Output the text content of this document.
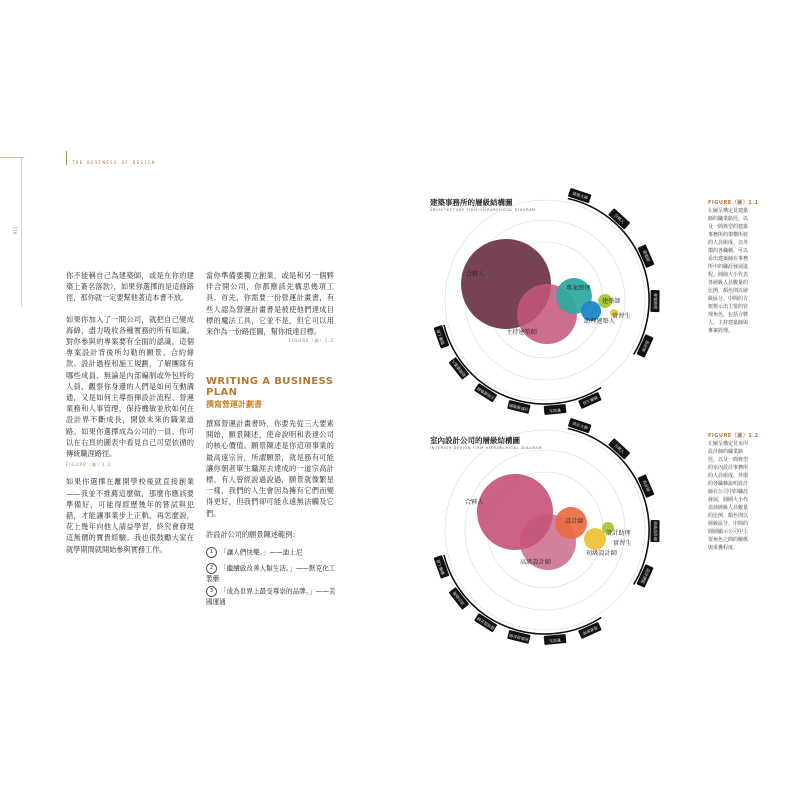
116
THE BUSINESS OF DESIGN

你不能稱自己為建築師，或是在你的建築上簽名落款），如果你選擇的是這條路徑，那你就一定要幫他著這本書不放。

如果你加入了一間公司，就把自己變成海綿，盡力吸收各種實務的所有知識。對你參與的專案要有全面的認識，這個專案設計背後所勾勒的願景、合約條款、設計過程和施工規劃，了解團隊有哪些成員、無論是內部編制或外包特約人員，觀察你身邊的人們是如何互動溝通，又是如何主導指揮設計流程、營運業務和人事管理，保持機敏並欣如何在設計界不斷成長，開啟未來的職業道路。如果你選擇成為公司的一員，你可以在右頁的圖表中看見自己可望依循的傳統職涯路徑。

FIGURE（圖）1.2

如果你選擇在離開學校後就直接創業——我並不推薦這麼做，那麼你應該要準備好，可能得經歷幾年的嘗試與犯錯，才能讓事業步上正軌。再怎麼說，花上幾年向他人請益學習，終究會發現這無價的寶貴經驗。我也很鼓勵大家在就學期間就開始參與實務工作。

當你準備要獨立創業，或是和另一個夥伴合開公司，你都應該先構思幾項工具。首先，你需要一份營運計畫書，有些人認為營運計畫書是被使他們達成目標的魔法工具，它並不是，但它可以用來作為一份路徑圖，幫你抵達目標。

FIGURE（圖）1.2
WRITING A BUSINESS
PLAN
撰寫營運計劃書

撰寫營運計畫書時，你要先從三大要素開始，願景陳述，使命說明和表達公司的核心價值。願景陳述是你這項事業的最高遠宗旨，所謂願景，就是務有可能讓你朝者單生職涯去達成的一道宗高計標。有人曾經說過說過，願景就像繁星一樣，我們的人生會因為擁有它們而變得更好，但我們卻可能永遠無法觸及它們。

許設計公司的願景陳述範例：

1 「讓人們快樂。」——迪士尼
2 「繼續啟改善人類生活。」——默克化工製藥
3 「成為世界上最受尊崇的品牌。」——美國運通
建築事務所的層級結構圖
ARCHITECTURE FIRM HIERARCHICAL DIAGRAM
FIGURE（圖）1.1
左圖呈構定見建築師的職業路徑，以及一間典型的建築事務所的架構所雇的人員組成。以外環的各職稱，可以看出建築師在事務所中的職涯發展進程。圓圈大小代表各層級人員數量的比例，顏色則以層級區分。中間的方框標示出主要的管理角色，包括合夥人、主持建築師與專案經理。
室內設計公司的層級結構圖
INTERIOR DESIGN FIRM HIERARCHICAL DIAGRAM
FIGURE（圖）1.2
左圖呈構定見室內設計師的職業路徑，以及一間典型的室內設計事務所的人員組成。外環的各職稱說明設計師在公司中的職涯發展，圓圈大小代表該層級人員數量的比例，顏色則以層級區分。中間的圓圈顯示公司中主要角色之間的關係與重疊程度。
建築大師
合夥人
建築師
專案經理
設計師
繪圖人員
實習生
合夥建築師
主持建築師
助理建築人
製圖人員
合夥人
主持建築師
專案經理
建築師
助理建築人
實習生
設計大師
合夥人
設計師
高級設計師
設計總監
專案經理
實習生
初級設計師
資深設計師
設計助理
繪圖人員
合夥人
高級設計師
設計師
設計助理
實習生
初級設計師
